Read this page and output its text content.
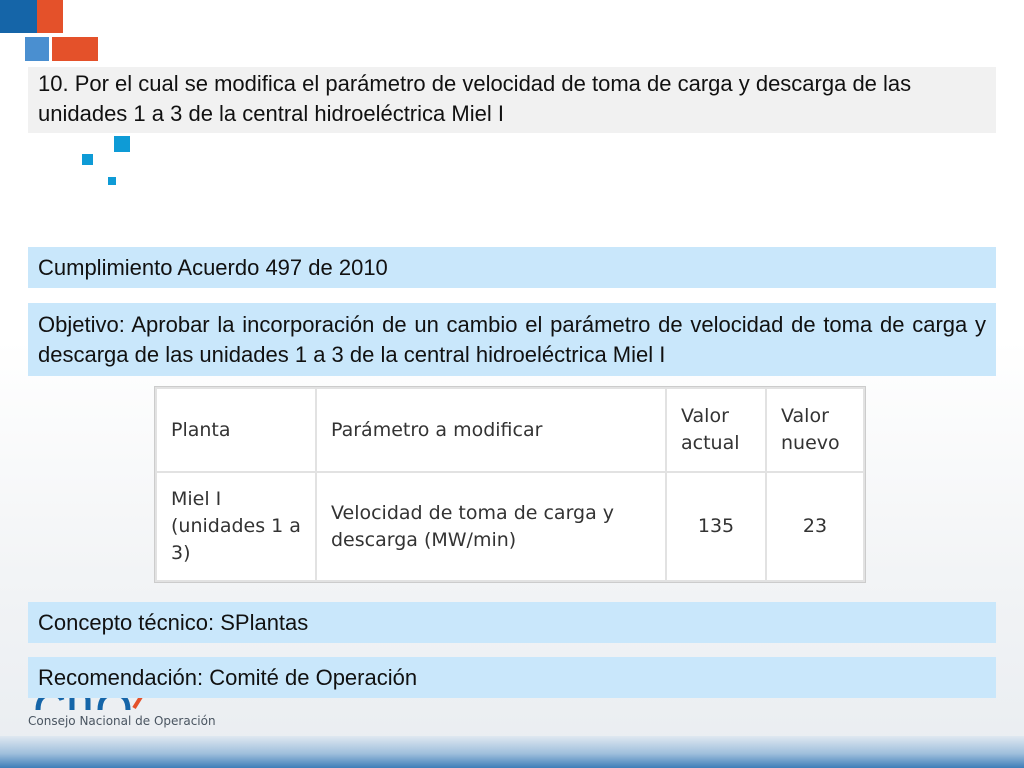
10. Por el cual se modifica el parámetro de velocidad de toma de carga y descarga de las unidades 1 a 3 de la central hidroeléctrica Miel I
Cumplimiento Acuerdo 497 de 2010
Objetivo: Aprobar la incorporación de un cambio el parámetro de velocidad de toma de carga y descarga de las unidades 1 a 3 de la central hidroeléctrica Miel I
Planta	Parámetro a modificar	Valor actual	Valor nuevo
Miel I (unidades 1 a 3)	Velocidad de toma de carga y descarga (MW/min)	135	23
Consejo Nacional de Operación
Concepto técnico: SPlantas
Recomendación: Comité de Operación
